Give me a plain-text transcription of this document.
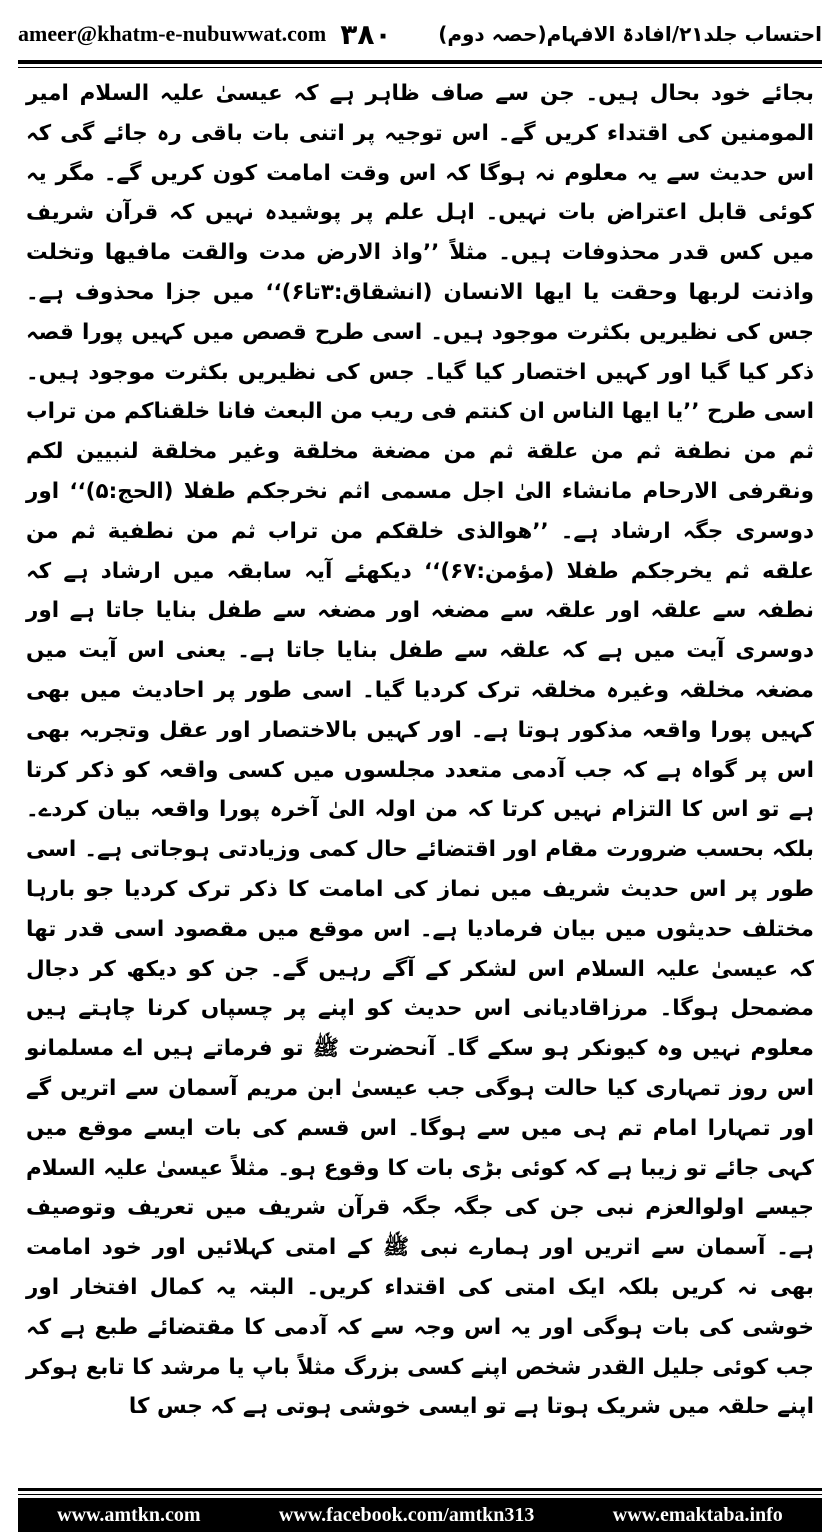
ameer@khatm-e-nubuwwat.com ٣٨٠ احتساب جلد۲۱/افادۃ الافہام(حصہ دوم)

بجائے خود بحال ہیں۔ جن سے صاف ظاہر ہے کہ عیسیٰ علیہ السلام امیر المومنین کی اقتداء کریں گے۔ اس توجیہ پر اتنی بات باقی رہ جائے گی کہ اس حدیث سے یہ معلوم نہ ہوگا کہ اس وقت امامت کون کریں گے۔ مگر یہ کوئی قابل اعتراض بات نہیں۔ اہل علم پر پوشیدہ نہیں کہ قرآن شریف میں کس قدر محذوفات ہیں۔ مثلاً ’’واذ الارض مدت والقت مافیھا وتخلت واذنت لربھا وحقت یا ایھا الانسان (انشقاق:۳تا۶)‘‘ میں جزا محذوف ہے۔ جس کی نظیریں بکثرت موجود ہیں۔ اسی طرح قصص میں کہیں پورا قصہ ذکر کیا گیا اور کہیں اختصار کیا گیا۔ جس کی نظیریں بکثرت موجود ہیں۔ اسی طرح ’’یا ایھا الناس ان کنتم فی ریب من البعث فانا خلقناکم من تراب ثم من نطفة ثم من علقة ثم من مضغة مخلقة وغیر مخلقة لنبیین لکم ونقرفی الارحام مانشاء الیٰ اجل مسمی اثم نخرجکم طفلا (الحج:۵)‘‘ اور دوسری جگہ ارشاد ہے۔ ’’ھوالذی خلقکم من تراب ثم من نطفیة ثم من علقه ثم یخرجکم طفلا (مؤمن:۶۷)‘‘ دیکھئے آیہ سابقہ میں ارشاد ہے کہ نطفہ سے علقہ اور علقہ سے مضغہ اور مضغہ سے طفل بنایا جاتا ہے اور دوسری آیت میں ہے کہ علقہ سے طفل بنایا جاتا ہے۔ یعنی اس آیت میں مضغہ مخلقہ وغیرہ مخلقہ ترک کردیا گیا۔ اسی طور پر احادیث میں بھی کہیں پورا واقعہ مذکور ہوتا ہے۔ اور کہیں بالاختصار اور عقل وتجربہ بھی اس پر گواہ ہے کہ جب آدمی متعدد مجلسوں میں کسی واقعہ کو ذکر کرتا ہے تو اس کا التزام نہیں کرتا کہ من اولہ الیٰ آخرہ پورا واقعہ بیان کردے۔ بلکہ بحسب ضرورت مقام اور اقتضائے حال کمی وزیادتی ہوجاتی ہے۔ اسی طور پر اس حدیث شریف میں نماز کی امامت کا ذکر ترک کردیا جو بارہا مختلف حدیثوں میں بیان فرمادیا ہے۔ اس موقع میں مقصود اسی قدر تھا کہ عیسیٰ علیہ السلام اس لشکر کے آگے رہیں گے۔ جن کو دیکھ کر دجال مضمحل ہوگا۔ مرزاقادیانی اس حدیث کو اپنے پر چسپاں کرنا چاہتے ہیں معلوم نہیں وہ کیونکر ہو سکے گا۔ آنحضرت ﷺ تو فرماتے ہیں اے مسلمانو اس روز تمہاری کیا حالت ہوگی جب عیسیٰ ابن مریم آسمان سے اتریں گے اور تمہارا امام تم ہی میں سے ہوگا۔ اس قسم کی بات ایسے موقع میں کہی جائے تو زیبا ہے کہ کوئی بڑی بات کا وقوع ہو۔ مثلاً عیسیٰ علیہ السلام جیسے اولوالعزم نبی جن کی جگہ جگہ قرآن شریف میں تعریف وتوصیف ہے۔ آسمان سے اتریں اور ہمارے نبی ﷺ کے امتی کہلائیں اور خود امامت بھی نہ کریں بلکہ ایک امتی کی اقتداء کریں۔ البتہ یہ کمال افتخار اور خوشی کی بات ہوگی اور یہ اس وجہ سے کہ آدمی کا مقتضائے طبع ہے کہ جب کوئی جلیل القدر شخص اپنے کسی بزرگ مثلاً باپ یا مرشد کا تابع ہوکر اپنے حلقہ میں شریک ہوتا ہے تو ایسی خوشی ہوتی ہے کہ جس کا

www.amtkn.com	www.facebook.com/amtkn313	www.emaktaba.info
